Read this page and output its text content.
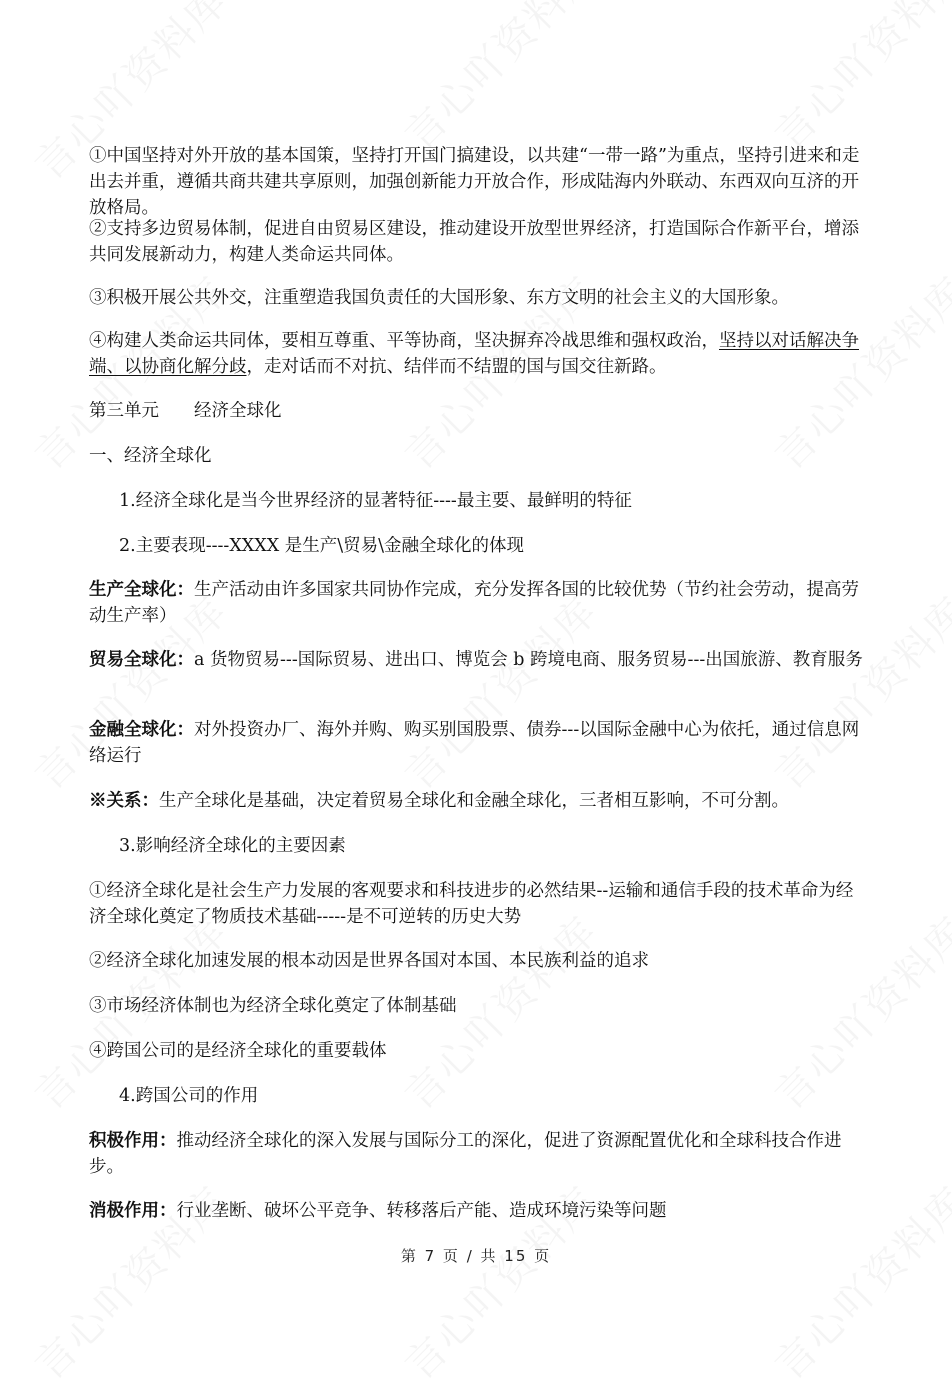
①中国坚持对外开放的基本国策，坚持打开国门搞建设，以共建“一带一路”为重点，坚持引进来和走出去并重，遵循共商共建共享原则，加强创新能力开放合作，形成陆海内外联动、东西双向互济的开放格局。

②支持多边贸易体制，促进自由贸易区建设，推动建设开放型世界经济，打造国际合作新平台，增添共同发展新动力，构建人类命运共同体。

③积极开展公共外交，注重塑造我国负责任的大国形象、东方文明的社会主义的大国形象。

④构建人类命运共同体，要相互尊重、平等协商，坚决摒弃冷战思维和强权政治，坚持以对话解决争端、以协商化解分歧，走对话而不对抗、结伴而不结盟的国与国交往新路。

第三单元　　经济全球化

一、经济全球化

1.经济全球化是当今世界经济的显著特征----最主要、最鲜明的特征

2.主要表现----XXXX 是生产\贸易\金融全球化的体现

生产全球化：生产活动由许多国家共同协作完成，充分发挥各国的比较优势（节约社会劳动，提高劳动生产率）

贸易全球化：a 货物贸易---国际贸易、进出口、博览会 b 跨境电商、服务贸易---出国旅游、教育服务

金融全球化：对外投资办厂、海外并购、购买别国股票、债券---以国际金融中心为依托，通过信息网络运行

※关系：生产全球化是基础，决定着贸易全球化和金融全球化，三者相互影响，不可分割。

3.影响经济全球化的主要因素

①经济全球化是社会生产力发展的客观要求和科技进步的必然结果--运输和通信手段的技术革命为经济全球化奠定了物质技术基础-----是不可逆转的历史大势

②经济全球化加速发展的根本动因是世界各国对本国、本民族利益的追求

③市场经济体制也为经济全球化奠定了体制基础

④跨国公司的是经济全球化的重要载体

4.跨国公司的作用

积极作用：推动经济全球化的深入发展与国际分工的深化，促进了资源配置优化和全球科技合作进步。

消极作用：行业垄断、破坏公平竞争、转移落后产能、造成环境污染等问题

第 7 页 / 共 15 页
